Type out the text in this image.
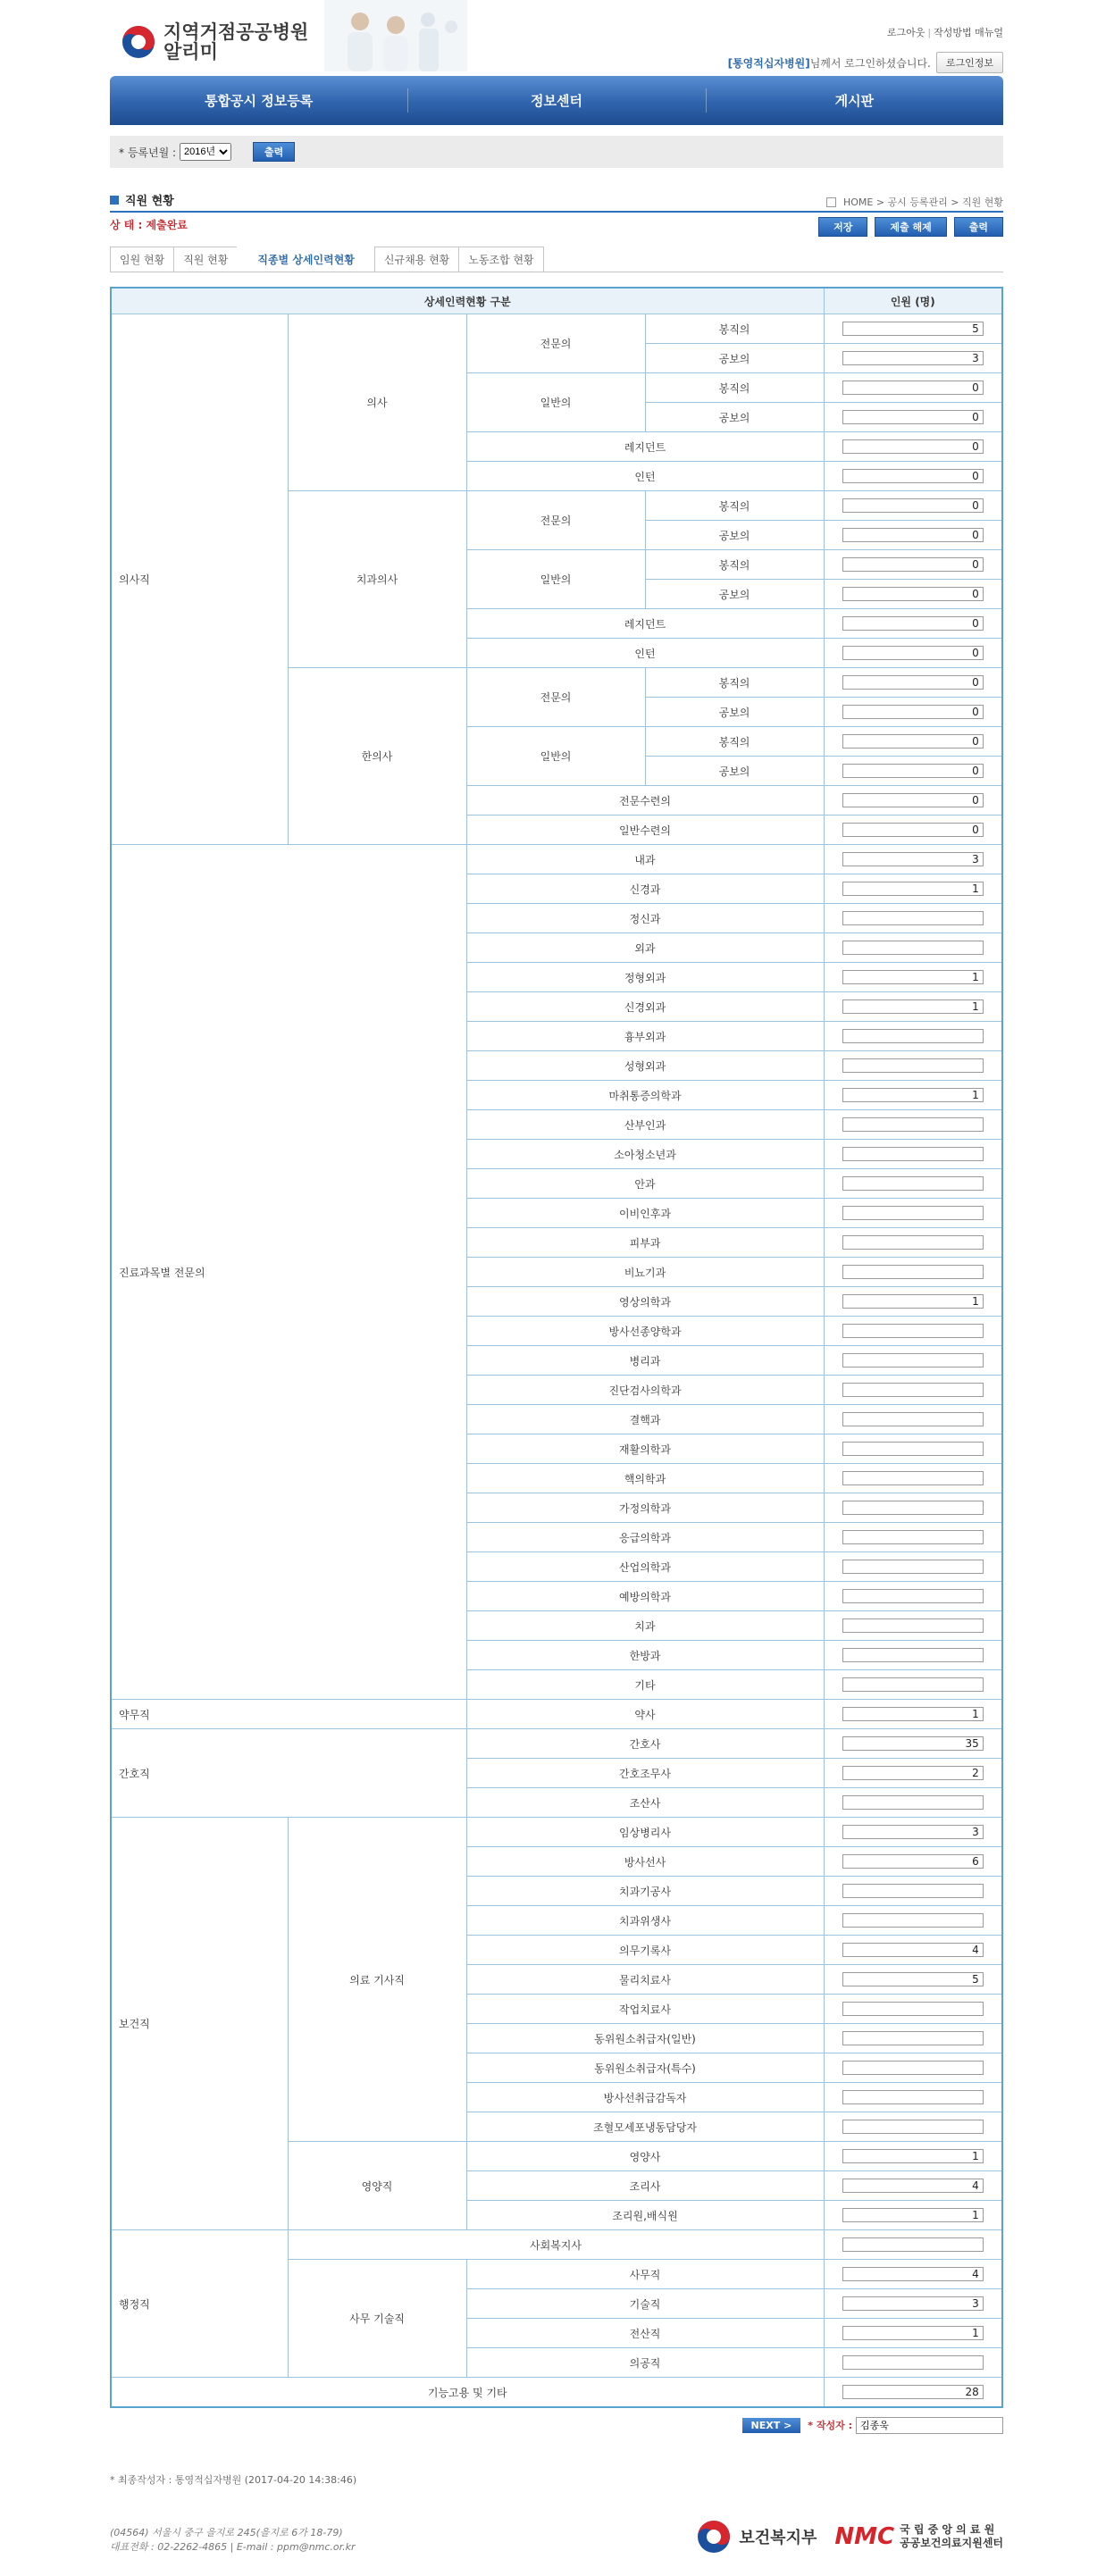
지역거점공공병원
알리미
로그아웃 | 작성방법 매뉴얼
[통영적십자병원] 님께서 로그인하셨습니다.	로그인정보
통합공시 정보등록	정보센터	게시판
* 등록년월 :
2016년	출력
직원 현황	HOME > 공시 등록관리 > 직원 현황
상 태 : 제출완료	저장	제출 해제	출력
임원 현황	직원 현황	직종별 상세인력현황	신규채용 현황	노동조합 현황
상세인력현황 구분				인원 (명)
의사직	의사	전문의	봉직의	5
			공보의	3
		일반의	봉직의	0
			공보의	0
		레지던트	0
		인턴	0
	치과의사	전문의	봉직의	0
			공보의	0
		일반의	봉직의	0
			공보의	0
		레지던트	0
		인턴	0
	한의사	전문의	봉직의	0
			공보의	0
		일반의	봉직의	0
			공보의	0
		전문수련의	0
		일반수련의	0
진료과목별 전문의		내과	3
		신경과	1
		정신과	
		외과	
		정형외과	1
		신경외과	1
		흉부외과	
		성형외과	
		마취통증의학과	1
		산부인과	
		소아청소년과	
		안과	
		이비인후과	
		피부과	
		비뇨기과	
		영상의학과	1
		방사선종양학과	
		병리과	
		진단검사의학과	
		결핵과	
		재활의학과	
		핵의학과	
		가정의학과	
		응급의학과	
		산업의학과	
		예방의학과	
		치과	
		한방과	
		기타	
약무직		약사	1
간호직		간호사	35
		간호조무사	2
		조산사	
보건직	의료 기사직	임상병리사	3
		방사선사	6
		치과기공사	
		치과위생사	
		의무기록사	4
		물리치료사	5
		작업치료사	
		동위원소취급자(일반)	
		동위원소취급자(특수)	
		방사선취급감독자	
		조혈모세포냉동담당자	
	영양직	영양사	1
		조리사	4
		조리원,배식원	1
행정직	사회복지사	
	사무 기술직	사무직	4
		기술직	3
		전산직	1
		의공직	
기능고용 및 기타	28
NEXT >	* 작성자 :
김종욱
* 최종작성자 : 통영적십자병원 (2017-04-20 14:38:46)
(04564) 서울시 중구 을지로 245(을지로 6가 18-79)
대표전화 : 02-2262-4865 | E-mail : ppm@nmc.or.kr	보건복지부 NMC 국 립 중 앙 의 료 원
공공보건의료지원센터
